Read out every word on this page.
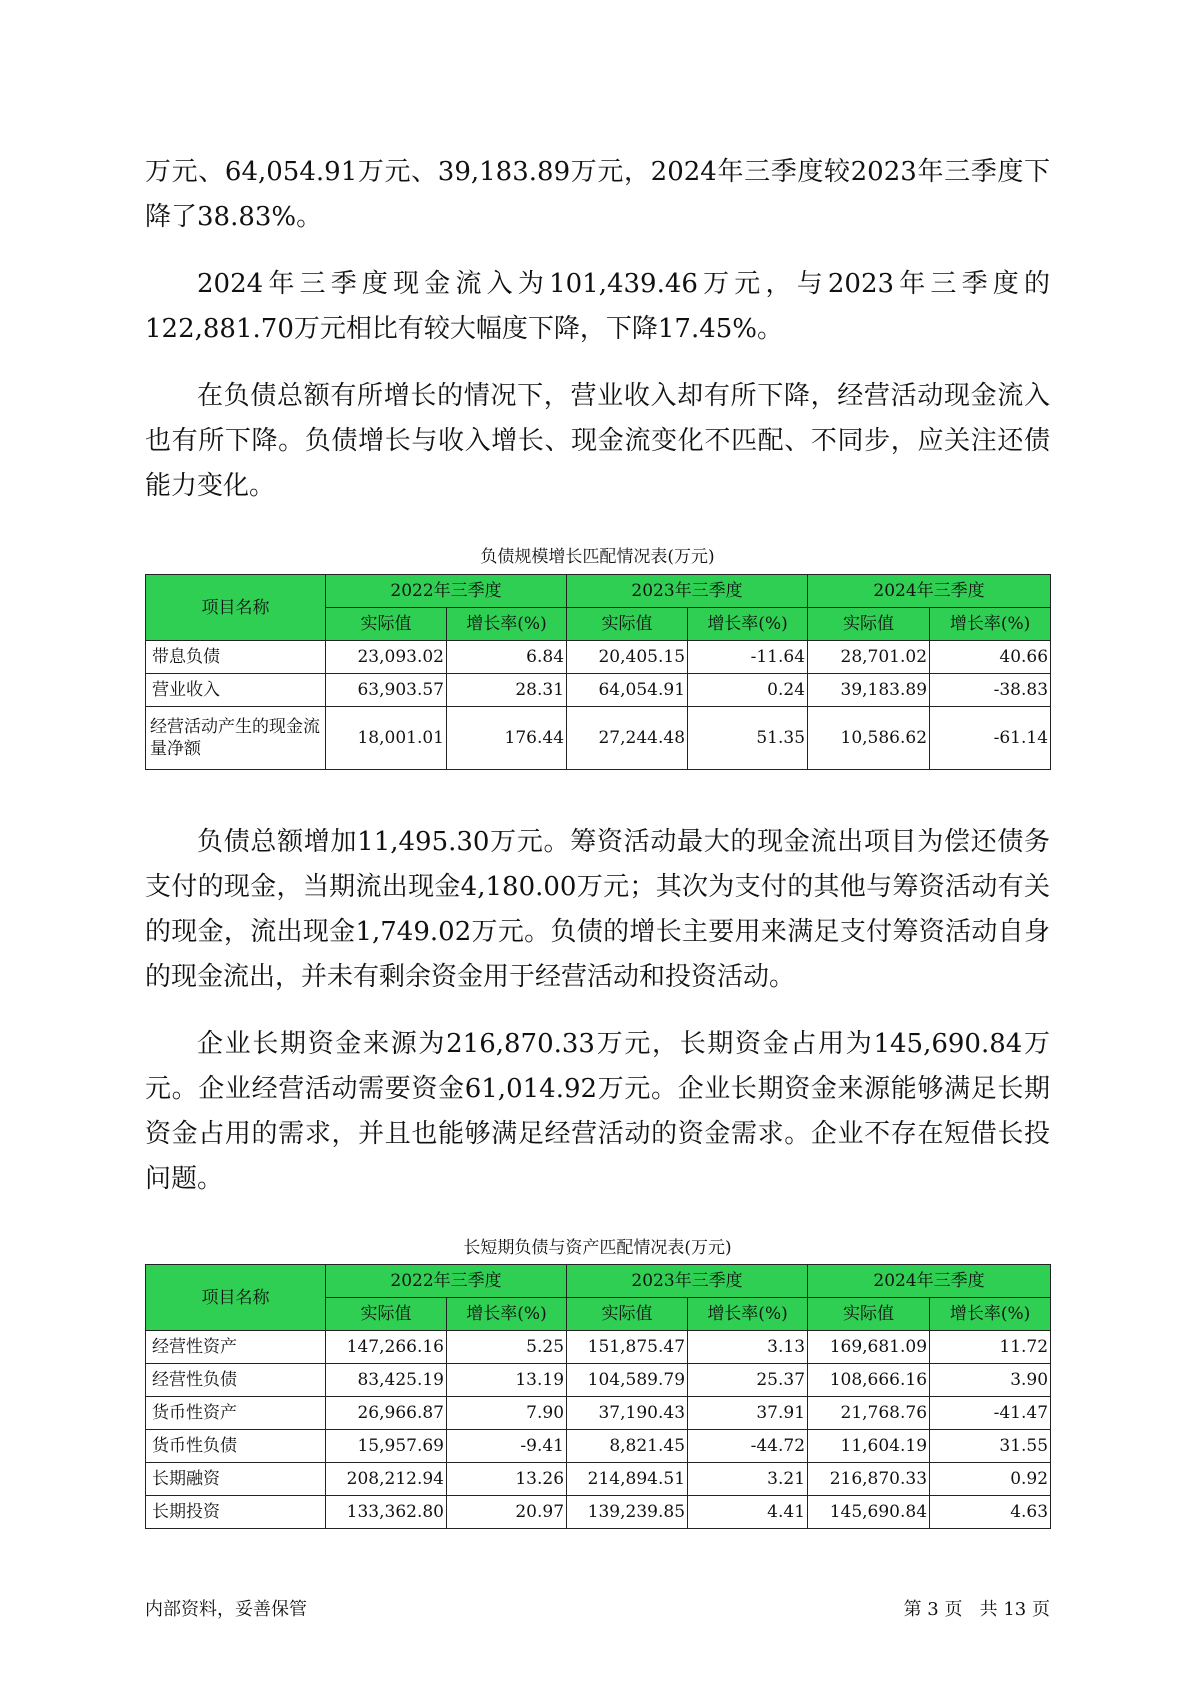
万元、64,054.91万元、39,183.89万元，2024年三季度较2023年三季度下降了38.83%。

2024年三季度现金流入为101,439.46万元，与2023年三季度的122,881.70万元相比有较大幅度下降，下降17.45%。

在负债总额有所增长的情况下，营业收入却有所下降，经营活动现金流入也有所下降。负债增长与收入增长、现金流变化不匹配、不同步，应关注还债能力变化。

负债规模增长匹配情况表(万元)
项目名称	2022年三季度		2023年三季度		2024年三季度	
	实际值	增长率(%)	实际值	增长率(%)	实际值	增长率(%)
带息负债	23,093.02	6.84	20,405.15	-11.64	28,701.02	40.66
营业收入	63,903.57	28.31	64,054.91	0.24	39,183.89	-38.83
经营活动产生的现金流量净额	18,001.01	176.44	27,244.48	51.35	10,586.62	-61.14

负债总额增加11,495.30万元。筹资活动最大的现金流出项目为偿还债务支付的现金，当期流出现金4,180.00万元；其次为支付的其他与筹资活动有关的现金，流出现金1,749.02万元。负债的增长主要用来满足支付筹资活动自身的现金流出，并未有剩余资金用于经营活动和投资活动。

企业长期资金来源为216,870.33万元，长期资金占用为145,690.84万元。企业经营活动需要资金61,014.92万元。企业长期资金来源能够满足长期资金占用的需求，并且也能够满足经营活动的资金需求。企业不存在短借长投问题。

长短期负债与资产匹配情况表(万元)
项目名称	2022年三季度		2023年三季度		2024年三季度	
	实际值	增长率(%)	实际值	增长率(%)	实际值	增长率(%)
经营性资产	147,266.16	5.25	151,875.47	3.13	169,681.09	11.72
经营性负债	83,425.19	13.19	104,589.79	25.37	108,666.16	3.90
货币性资产	26,966.87	7.90	37,190.43	37.91	21,768.76	-41.47
货币性负债	15,957.69	-9.41	8,821.45	-44.72	11,604.19	31.55
长期融资	208,212.94	13.26	214,894.51	3.21	216,870.33	0.92
长期投资	133,362.80	20.97	139,239.85	4.41	145,690.84	4.63
内部资料，妥善保管	第 3 页   共 13 页
